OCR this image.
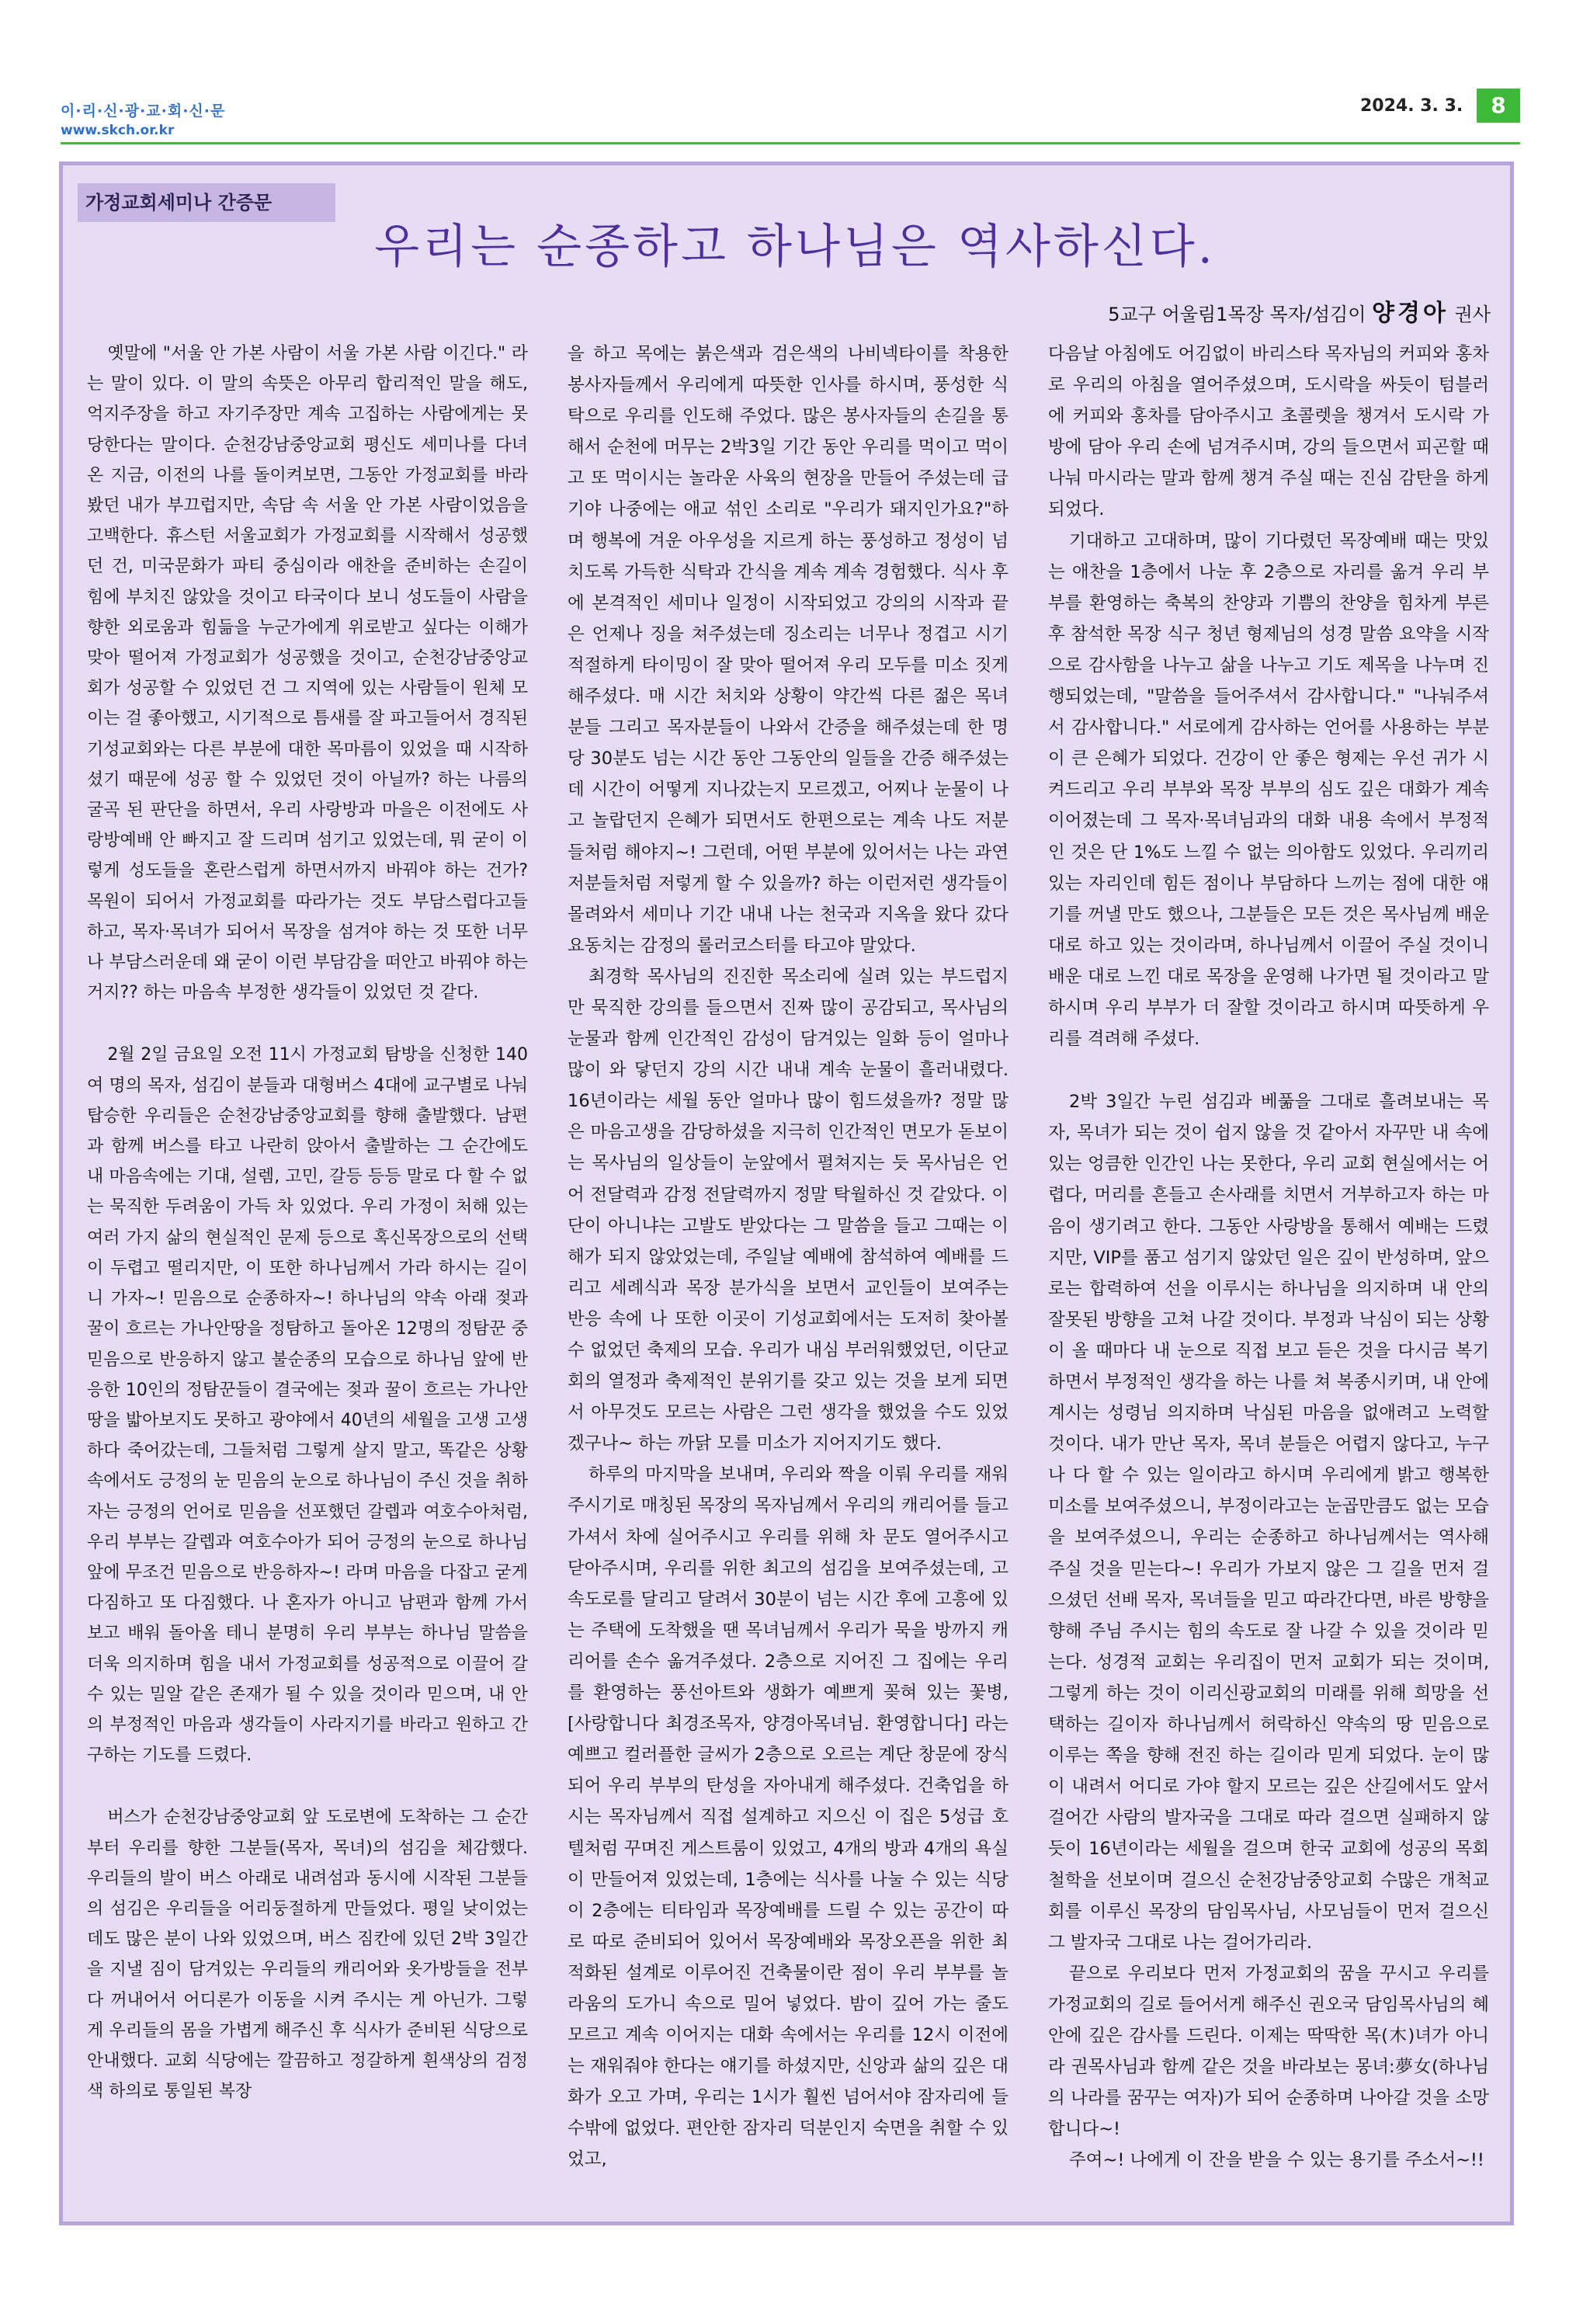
이·리·신·광·교·회·신·문
www.skch.or.kr
2024. 3. 3.	8
가정교회세미나 간증문
우리는 순종하고 하나님은 역사하신다.
5교구 어울림1목장 목자/섬김이 양경아 권사

옛말에 "서울 안 가본 사람이 서울 가본 사람 이긴다." 라는 말이 있다. 이 말의 속뜻은 아무리 합리적인 말을 해도, 억지주장을 하고 자기주장만 계속 고집하는 사람에게는 못 당한다는 말이다. 순천강남중앙교회 평신도 세미나를 다녀온 지금, 이전의 나를 돌이켜보면, 그동안 가정교회를 바라봤던 내가 부끄럽지만, 속담 속 서울 안 가본 사람이었음을 고백한다. 휴스턴 서울교회가 가정교회를 시작해서 성공했던 건, 미국문화가 파티 중심이라 애찬을 준비하는 손길이 힘에 부치진 않았을 것이고 타국이다 보니 성도들이 사람을 향한 외로움과 힘듦을 누군가에게 위로받고 싶다는 이해가 맞아 떨어져 가정교회가 성공했을 것이고, 순천강남중앙교회가 성공할 수 있었던 건 그 지역에 있는 사람들이 원체 모이는 걸 좋아했고, 시기적으로 틈새를 잘 파고들어서 경직된 기성교회와는 다른 부분에 대한 목마름이 있었을 때 시작하셨기 때문에 성공 할 수 있었던 것이 아닐까? 하는 나름의 굴곡 된 판단을 하면서, 우리 사랑방과 마을은 이전에도 사랑방예배 안 빠지고 잘 드리며 섬기고 있었는데, 뭐 굳이 이렇게 성도들을 혼란스럽게 하면서까지 바꿔야 하는 건가? 목원이 되어서 가정교회를 따라가는 것도 부담스럽다고들 하고, 목자·목녀가 되어서 목장을 섬겨야 하는 것 또한 너무나 부담스러운데 왜 굳이 이런 부담감을 떠안고 바꿔야 하는 거지?? 하는 마음속 부정한 생각들이 있었던 것 같다.

2월 2일 금요일 오전 11시 가정교회 탐방을 신청한 140여 명의 목자, 섬김이 분들과 대형버스 4대에 교구별로 나눠 탑승한 우리들은 순천강남중앙교회를 향해 출발했다. 남편과 함께 버스를 타고 나란히 앉아서 출발하는 그 순간에도 내 마음속에는 기대, 설렘, 고민, 갈등 등등 말로 다 할 수 없는 묵직한 두려움이 가득 차 있었다. 우리 가정이 처해 있는 여러 가지 삶의 현실적인 문제 등으로 혹신목장으로의 선택이 두렵고 떨리지만, 이 또한 하나님께서 가라 하시는 길이니 가자~! 믿음으로 순종하자~! 하나님의 약속 아래 젖과 꿀이 흐르는 가나안땅을 정탐하고 돌아온 12명의 정탐꾼 중 믿음으로 반응하지 않고 불순종의 모습으로 하나님 앞에 반응한 10인의 정탐꾼들이 결국에는 젖과 꿀이 흐르는 가나안땅을 밟아보지도 못하고 광야에서 40년의 세월을 고생 고생하다 죽어갔는데, 그들처럼 그렇게 살지 말고, 똑같은 상황 속에서도 긍정의 눈 믿음의 눈으로 하나님이 주신 것을 취하자는 긍정의 언어로 믿음을 선포했던 갈렙과 여호수아처럼, 우리 부부는 갈렙과 여호수아가 되어 긍정의 눈으로 하나님 앞에 무조건 믿음으로 반응하자~! 라며 마음을 다잡고 굳게 다짐하고 또 다짐했다. 나 혼자가 아니고 남편과 함께 가서 보고 배워 돌아올 테니 분명히 우리 부부는 하나님 말씀을 더욱 의지하며 힘을 내서 가정교회를 성공적으로 이끌어 갈 수 있는 밀알 같은 존재가 될 수 있을 것이라 믿으며, 내 안의 부정적인 마음과 생각들이 사라지기를 바라고 원하고 간구하는 기도를 드렸다.

버스가 순천강남중앙교회 앞 도로변에 도착하는 그 순간부터 우리를 향한 그분들(목자, 목녀)의 섬김을 체감했다. 우리들의 발이 버스 아래로 내려섬과 동시에 시작된 그분들의 섬김은 우리들을 어리둥절하게 만들었다. 평일 낮이었는데도 많은 분이 나와 있었으며, 버스 짐칸에 있던 2박 3일간을 지낼 짐이 담겨있는 우리들의 캐리어와 옷가방들을 전부 다 꺼내어서 어디론가 이동을 시켜 주시는 게 아닌가. 그렇게 우리들의 몸을 가볍게 해주신 후 식사가 준비된 식당으로 안내했다. 교회 식당에는 깔끔하고 정갈하게 흰색상의 검정색 하의로 통일된 복장

을 하고 목에는 붉은색과 검은색의 나비넥타이를 착용한 봉사자들께서 우리에게 따뜻한 인사를 하시며, 풍성한 식탁으로 우리를 인도해 주었다. 많은 봉사자들의 손길을 통해서 순천에 머무는 2박3일 기간 동안 우리를 먹이고 먹이고 또 먹이시는 놀라운 사육의 현장을 만들어 주셨는데 급기야 나중에는 애교 섞인 소리로 "우리가 돼지인가요?"하며 행복에 겨운 아우성을 지르게 하는 풍성하고 정성이 넘치도록 가득한 식탁과 간식을 계속 계속 경험했다. 식사 후에 본격적인 세미나 일정이 시작되었고 강의의 시작과 끝은 언제나 징을 쳐주셨는데 징소리는 너무나 정겹고 시기적절하게 타이밍이 잘 맞아 떨어져 우리 모두를 미소 짓게 해주셨다. 매 시간 처치와 상황이 약간씩 다른 젊은 목녀 분들 그리고 목자분들이 나와서 간증을 해주셨는데 한 명당 30분도 넘는 시간 동안 그동안의 일들을 간증 해주셨는데 시간이 어떻게 지나갔는지 모르겠고, 어찌나 눈물이 나고 놀랍던지 은혜가 되면서도 한편으로는 계속 나도 저분들처럼 해야지~! 그런데, 어떤 부분에 있어서는 나는 과연 저분들처럼 저렇게 할 수 있을까? 하는 이런저런 생각들이 몰려와서 세미나 기간 내내 나는 천국과 지옥을 왔다 갔다 요동치는 감정의 롤러코스터를 타고야 말았다.

최경학 목사님의 진진한 목소리에 실려 있는 부드럽지만 묵직한 강의를 들으면서 진짜 많이 공감되고, 목사님의 눈물과 함께 인간적인 감성이 담겨있는 일화 등이 얼마나 많이 와 닿던지 강의 시간 내내 계속 눈물이 흘러내렸다. 16년이라는 세월 동안 얼마나 많이 힘드셨을까? 정말 많은 마음고생을 감당하셨을 지극히 인간적인 면모가 돋보이는 목사님의 일상들이 눈앞에서 펼쳐지는 듯 목사님은 언어 전달력과 감정 전달력까지 정말 탁월하신 것 같았다. 이단이 아니냐는 고발도 받았다는 그 말씀을 들고 그때는 이해가 되지 않았었는데, 주일날 예배에 참석하여 예배를 드리고 세례식과 목장 분가식을 보면서 교인들이 보여주는 반응 속에 나 또한 이곳이 기성교회에서는 도저히 찾아볼 수 없었던 축제의 모습. 우리가 내심 부러워했었던, 이단교회의 열정과 축제적인 분위기를 갖고 있는 것을 보게 되면서 아무것도 모르는 사람은 그런 생각을 했었을 수도 있었겠구나~ 하는 까닭 모를 미소가 지어지기도 했다.

하루의 마지막을 보내며, 우리와 짝을 이뤄 우리를 재워주시기로 매칭된 목장의 목자님께서 우리의 캐리어를 들고 가셔서 차에 실어주시고 우리를 위해 차 문도 열어주시고 닫아주시며, 우리를 위한 최고의 섬김을 보여주셨는데, 고속도로를 달리고 달려서 30분이 넘는 시간 후에 고흥에 있는 주택에 도착했을 땐 목녀님께서 우리가 묵을 방까지 캐리어를 손수 옮겨주셨다. 2층으로 지어진 그 집에는 우리를 환영하는 풍선아트와 생화가 예쁘게 꽂혀 있는 꽃병, [사랑합니다 최경조목자, 양경아목녀님. 환영합니다] 라는 예쁘고 컬러플한 글씨가 2층으로 오르는 계단 창문에 장식되어 우리 부부의 탄성을 자아내게 해주셨다. 건축업을 하시는 목자님께서 직접 설계하고 지으신 이 집은 5성급 호텔처럼 꾸며진 게스트룸이 있었고, 4개의 방과 4개의 욕실이 만들어져 있었는데, 1층에는 식사를 나눌 수 있는 식당이 2층에는 티타임과 목장예배를 드릴 수 있는 공간이 따로 따로 준비되어 있어서 목장예배와 목장오픈을 위한 최적화된 설계로 이루어진 건축물이란 점이 우리 부부를 놀라움의 도가니 속으로 밀어 넣었다. 밤이 깊어 가는 줄도 모르고 계속 이어지는 대화 속에서는 우리를 12시 이전에는 재워줘야 한다는 얘기를 하셨지만, 신앙과 삶의 깊은 대화가 오고 가며, 우리는 1시가 훨씬 넘어서야 잠자리에 들 수밖에 없었다. 편안한 잠자리 덕분인지 숙면을 취할 수 있었고,

다음날 아침에도 어김없이 바리스타 목자님의 커피와 홍차로 우리의 아침을 열어주셨으며, 도시락을 싸듯이 텀블러에 커피와 홍차를 담아주시고 초콜렛을 챙겨서 도시락 가방에 담아 우리 손에 넘겨주시며, 강의 들으면서 피곤할 때 나눠 마시라는 말과 함께 챙겨 주실 때는 진심 감탄을 하게 되었다.

기대하고 고대하며, 많이 기다렸던 목장예배 때는 맛있는 애찬을 1층에서 나눈 후 2층으로 자리를 옮겨 우리 부부를 환영하는 축복의 찬양과 기쁨의 찬양을 힘차게 부른 후 참석한 목장 식구 청년 형제님의 성경 말씀 요약을 시작으로 감사함을 나누고 삶을 나누고 기도 제목을 나누며 진행되었는데, "말씀을 들어주셔서 감사합니다." "나눠주셔서 감사합니다." 서로에게 감사하는 언어를 사용하는 부분이 큰 은혜가 되었다. 건강이 안 좋은 형제는 우선 귀가 시켜드리고 우리 부부와 목장 부부의 심도 깊은 대화가 계속 이어졌는데 그 목자·목녀님과의 대화 내용 속에서 부정적인 것은 단 1%도 느낄 수 없는 의아함도 있었다. 우리끼리 있는 자리인데 힘든 점이나 부담하다 느끼는 점에 대한 얘기를 꺼낼 만도 했으나, 그분들은 모든 것은 목사님께 배운 대로 하고 있는 것이라며, 하나님께서 이끌어 주실 것이니 배운 대로 느낀 대로 목장을 운영해 나가면 될 것이라고 말하시며 우리 부부가 더 잘할 것이라고 하시며 따뜻하게 우리를 격려해 주셨다.

2박 3일간 누린 섬김과 베풂을 그대로 흘려보내는 목자, 목녀가 되는 것이 쉽지 않을 것 같아서 자꾸만 내 속에 있는 엉큼한 인간인 나는 못한다, 우리 교회 현실에서는 어렵다, 머리를 흔들고 손사래를 치면서 거부하고자 하는 마음이 생기려고 한다. 그동안 사랑방을 통해서 예배는 드렸지만, VIP를 품고 섬기지 않았던 일은 깊이 반성하며, 앞으로는 합력하여 선을 이루시는 하나님을 의지하며 내 안의 잘못된 방향을 고쳐 나갈 것이다. 부정과 낙심이 되는 상황이 올 때마다 내 눈으로 직접 보고 듣은 것을 다시금 복기하면서 부정적인 생각을 하는 나를 쳐 복종시키며, 내 안에 계시는 성령님 의지하며 낙심된 마음을 없애려고 노력할 것이다. 내가 만난 목자, 목녀 분들은 어렵지 않다고, 누구나 다 할 수 있는 일이라고 하시며 우리에게 밝고 행복한 미소를 보여주셨으니, 부정이라고는 눈곱만큼도 없는 모습을 보여주셨으니, 우리는 순종하고 하나님께서는 역사해 주실 것을 믿는다~! 우리가 가보지 않은 그 길을 먼저 걸으셨던 선배 목자, 목녀들을 믿고 따라간다면, 바른 방향을 향해 주님 주시는 힘의 속도로 잘 나갈 수 있을 것이라 믿는다. 성경적 교회는 우리집이 먼저 교회가 되는 것이며, 그렇게 하는 것이 이리신광교회의 미래를 위해 희망을 선택하는 길이자 하나님께서 허락하신 약속의 땅 믿음으로 이루는 쪽을 향해 전진 하는 길이라 믿게 되었다. 눈이 많이 내려서 어디로 가야 할지 모르는 깊은 산길에서도 앞서 걸어간 사람의 발자국을 그대로 따라 걸으면 실패하지 않듯이 16년이라는 세월을 걸으며 한국 교회에 성공의 목회 철학을 선보이며 걸으신 순천강남중앙교회 수많은 개척교회를 이루신 목장의 담임목사님, 사모님들이 먼저 걸으신 그 발자국 그대로 나는 걸어가리라.

끝으로 우리보다 먼저 가정교회의 꿈을 꾸시고 우리를 가정교회의 길로 들어서게 해주신 권오국 담임목사님의 혜안에 깊은 감사를 드린다. 이제는 딱딱한 목(木)녀가 아니라 권목사님과 함께 같은 것을 바라보는 몽녀:夢女(하나님의 나라를 꿈꾸는 여자)가 되어 순종하며 나아갈 것을 소망합니다~!

주여~! 나에게 이 잔을 받을 수 있는 용기를 주소서~!!
